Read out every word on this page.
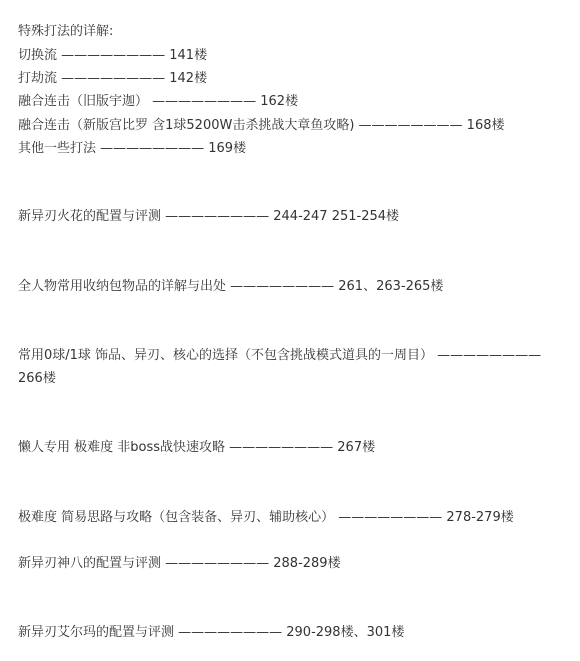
特殊打法的详解:
切换流 ———————— 141楼
打劫流 ———————— 142楼
融合连击（旧版宇迦） ———————— 162楼
融合连击（新版宫比罗 含1球5200W击杀挑战大章鱼攻略) ———————— 168楼
其他一些打法 ———————— 169楼
新异刃火花的配置与评测 ———————— 244-247 251-254楼
全人物常用收纳包物品的详解与出处 ———————— 261、263-265楼
常用0球/1球 饰品、异刃、核心的选择（不包含挑战模式道具的一周目） ———————— 266楼
懒人专用 极难度 非boss战快速攻略 ———————— 267楼
极难度 简易思路与攻略（包含装备、异刃、辅助核心） ———————— 278-279楼
新异刃神八的配置与评测 ———————— 288-289楼
新异刃艾尔玛的配置与评测 ———————— 290-298楼、301楼
